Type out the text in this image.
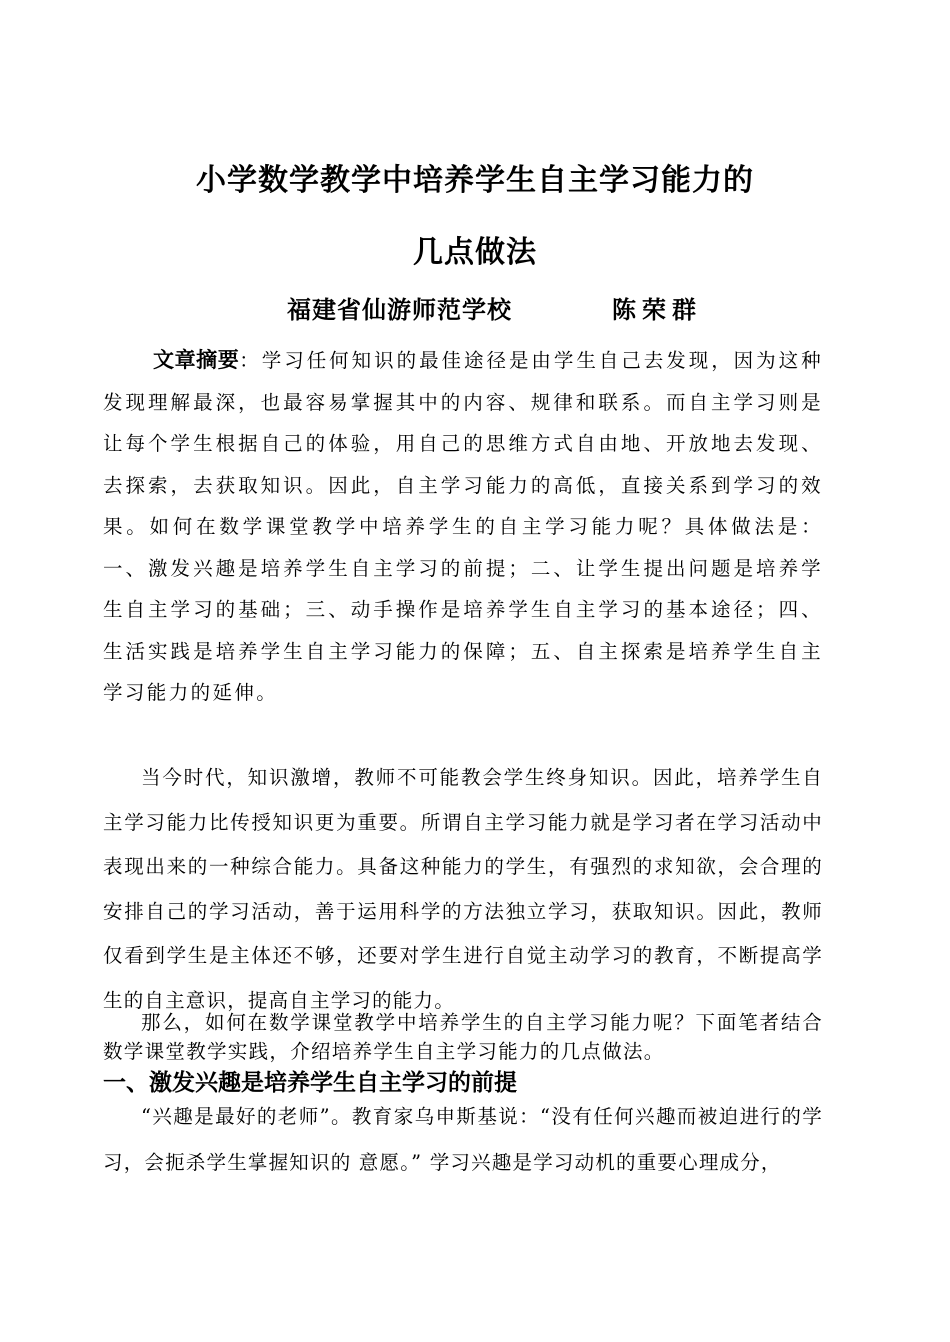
小学数学教学中培养学生自主学习能力的
几点做法
福建省仙游师范学校	陈荣群

文章摘要：学习任何知识的最佳途径是由学生自己去发现，因为这种发现理解最深，也最容易掌握其中的内容、规律和联系。而自主学习则是让每个学生根据自己的体验，用自己的思维方式自由地、开放地去发现、去探索，去获取知识。因此，自主学习能力的高低，直接关系到学习的效果。如何在数学课堂教学中培养学生的自主学习能力呢？具体做法是：一、激发兴趣是培养学生自主学习的前提；二、让学生提出问题是培养学生自主学习的基础；三、动手操作是培养学生自主学习的基本途径；四、生活实践是培养学生自主学习能力的保障；五、自主探索是培养学生自主学习能力的延伸。

当今时代，知识激增，教师不可能教会学生终身知识。因此，培养学生自主学习能力比传授知识更为重要。所谓自主学习能力就是学习者在学习活动中表现出来的一种综合能力。具备这种能力的学生，有强烈的求知欲，会合理的安排自己的学习活动，善于运用科学的方法独立学习，获取知识。因此，教师仅看到学生是主体还不够，还要对学生进行自觉主动学习的教育，不断提高学生的自主意识，提高自主学习的能力。

那么，如何在数学课堂教学中培养学生的自主学习能力呢？下面笔者结合数学课堂教学实践，介绍培养学生自主学习能力的几点做法。

一、激发兴趣是培养学生自主学习的前提

“兴趣是最好的老师”。教育家乌申斯基说：“没有任何兴趣而被迫进行的学习，会扼杀学生掌握知识的 意愿。” 学习兴趣是学习动机的重要心理成分，
